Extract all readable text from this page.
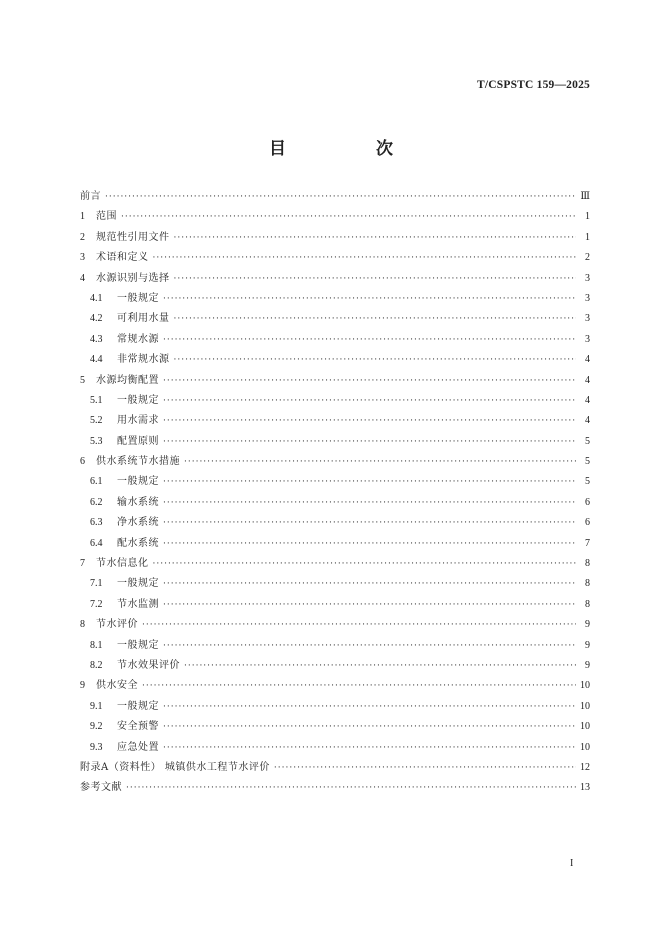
T/CSPSTC 159—2025
目 次
前言 ·····	Ⅲ
1	范围 ·····	1
2	规范性引用文件 ·····	1
3	术语和定义 ·····	2
4	水源识别与选择 ·····	3
4.1	一般规定 ·····	3
4.2	可利用水量 ·····	3
4.3	常规水源 ·····	3
4.4	非常规水源 ·····	4
5	水源均衡配置 ·····	4
5.1	一般规定 ·····	4
5.2	用水需求 ·····	4
5.3	配置原则 ·····	5
6	供水系统节水措施 ·····	5
6.1	一般规定 ·····	5
6.2	输水系统 ·····	6
6.3	净水系统 ·····	6
6.4	配水系统 ·····	7
7	节水信息化 ·····	8
7.1	一般规定 ·····	8
7.2	节水监测 ·····	8
8	节水评价 ·····	9
8.1	一般规定 ·····	9
8.2	节水效果评价 ·····	9
9	供水安全 ·····	10
9.1	一般规定 ·····	10
9.2	安全预警 ·····	10
9.3	应急处置 ·····	10
附录A（资料性） 城镇供水工程节水评价 ·····	12
参考文献 ·····	13
I
